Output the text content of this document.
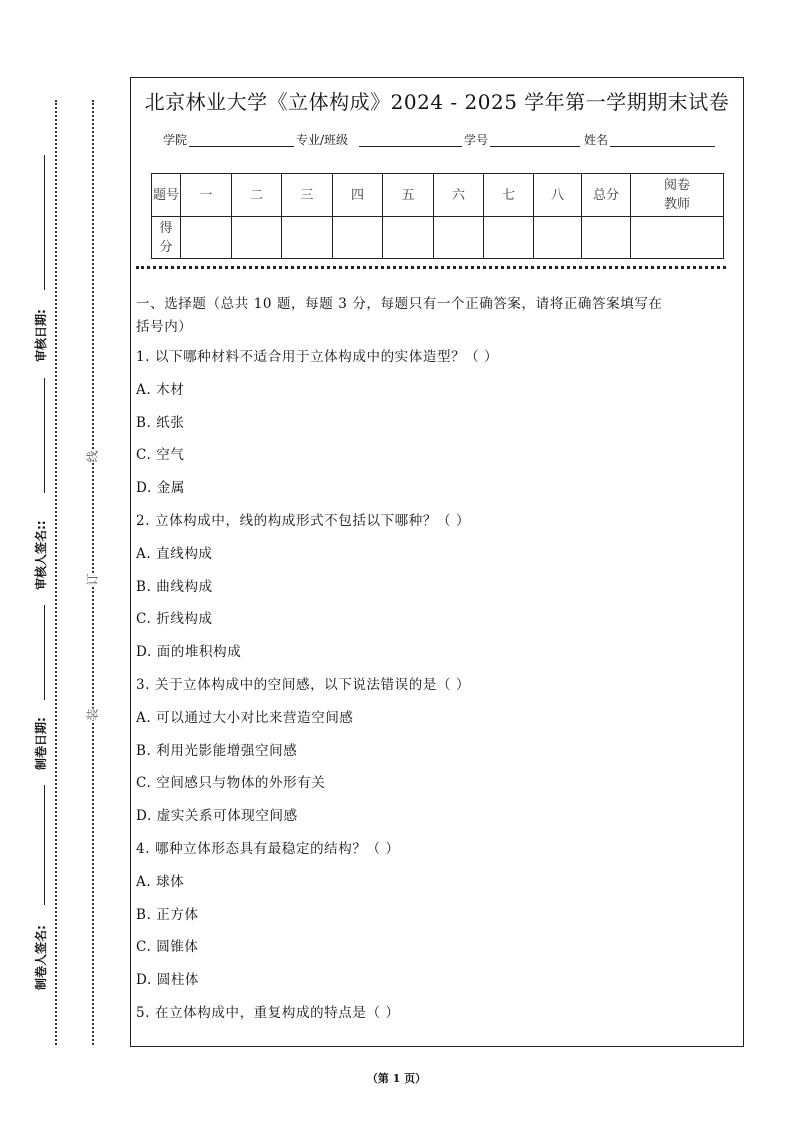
审核日期:
审核人签名::
制卷日期:
制卷人签名:
线
订
装
北京林业大学《立体构成》2024 - 2025 学年第一学期期末试卷
学院	专业/班级	学号	姓名
题号	一	二	三	四	五	六	七	八	总分	阅卷教师
得分										
一、选择题（总共 10 题，每题 3 分，每题只有一个正确答案，请将正确答案填写在
括号内）
1. 以下哪种材料不适合用于立体构成中的实体造型？（ ）
A. 木材
B. 纸张
C. 空气
D. 金属
2. 立体构成中，线的构成形式不包括以下哪种？（ ）
A. 直线构成
B. 曲线构成
C. 折线构成
D. 面的堆积构成
3. 关于立体构成中的空间感，以下说法错误的是（ ）
A. 可以通过大小对比来营造空间感
B. 利用光影能增强空间感
C. 空间感只与物体的外形有关
D. 虚实关系可体现空间感
4. 哪种立体形态具有最稳定的结构？（ ）
A. 球体
B. 正方体
C. 圆锥体
D. 圆柱体
5. 在立体构成中，重复构成的特点是（ ）
（第 1 页）
